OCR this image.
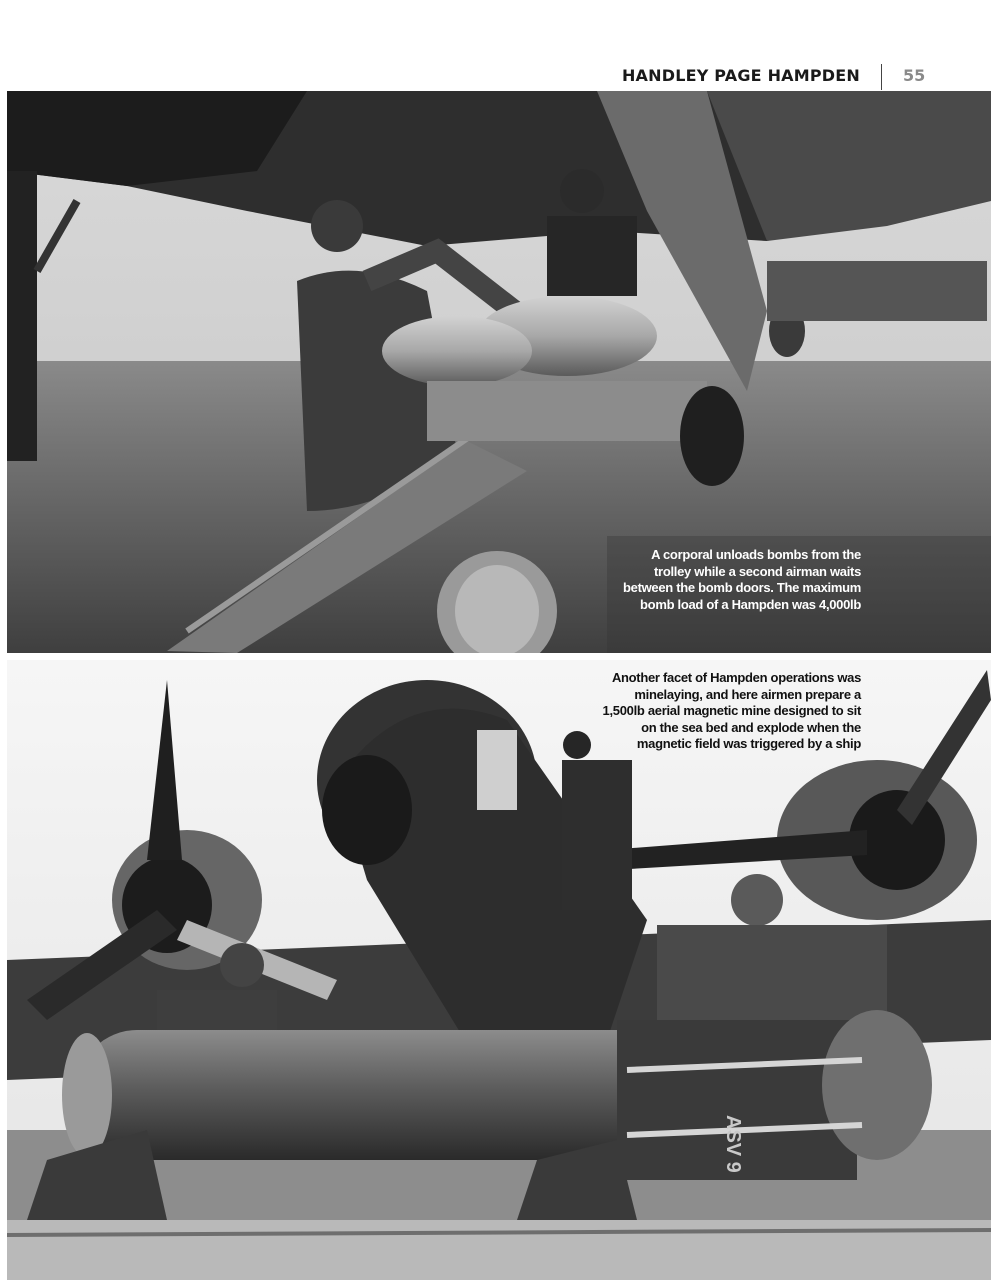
HANDLEY PAGE HAMPDEN	55
ASV 9
A corporal unloads bombs from the
trolley while a second airman waits
between the bomb doors. The maximum
bomb load of a Hampden was 4,000lb
Another facet of Hampden operations was
minelaying, and here airmen prepare a
1,500lb aerial magnetic mine designed to sit
on the sea bed and explode when the
magnetic field was triggered by a ship
